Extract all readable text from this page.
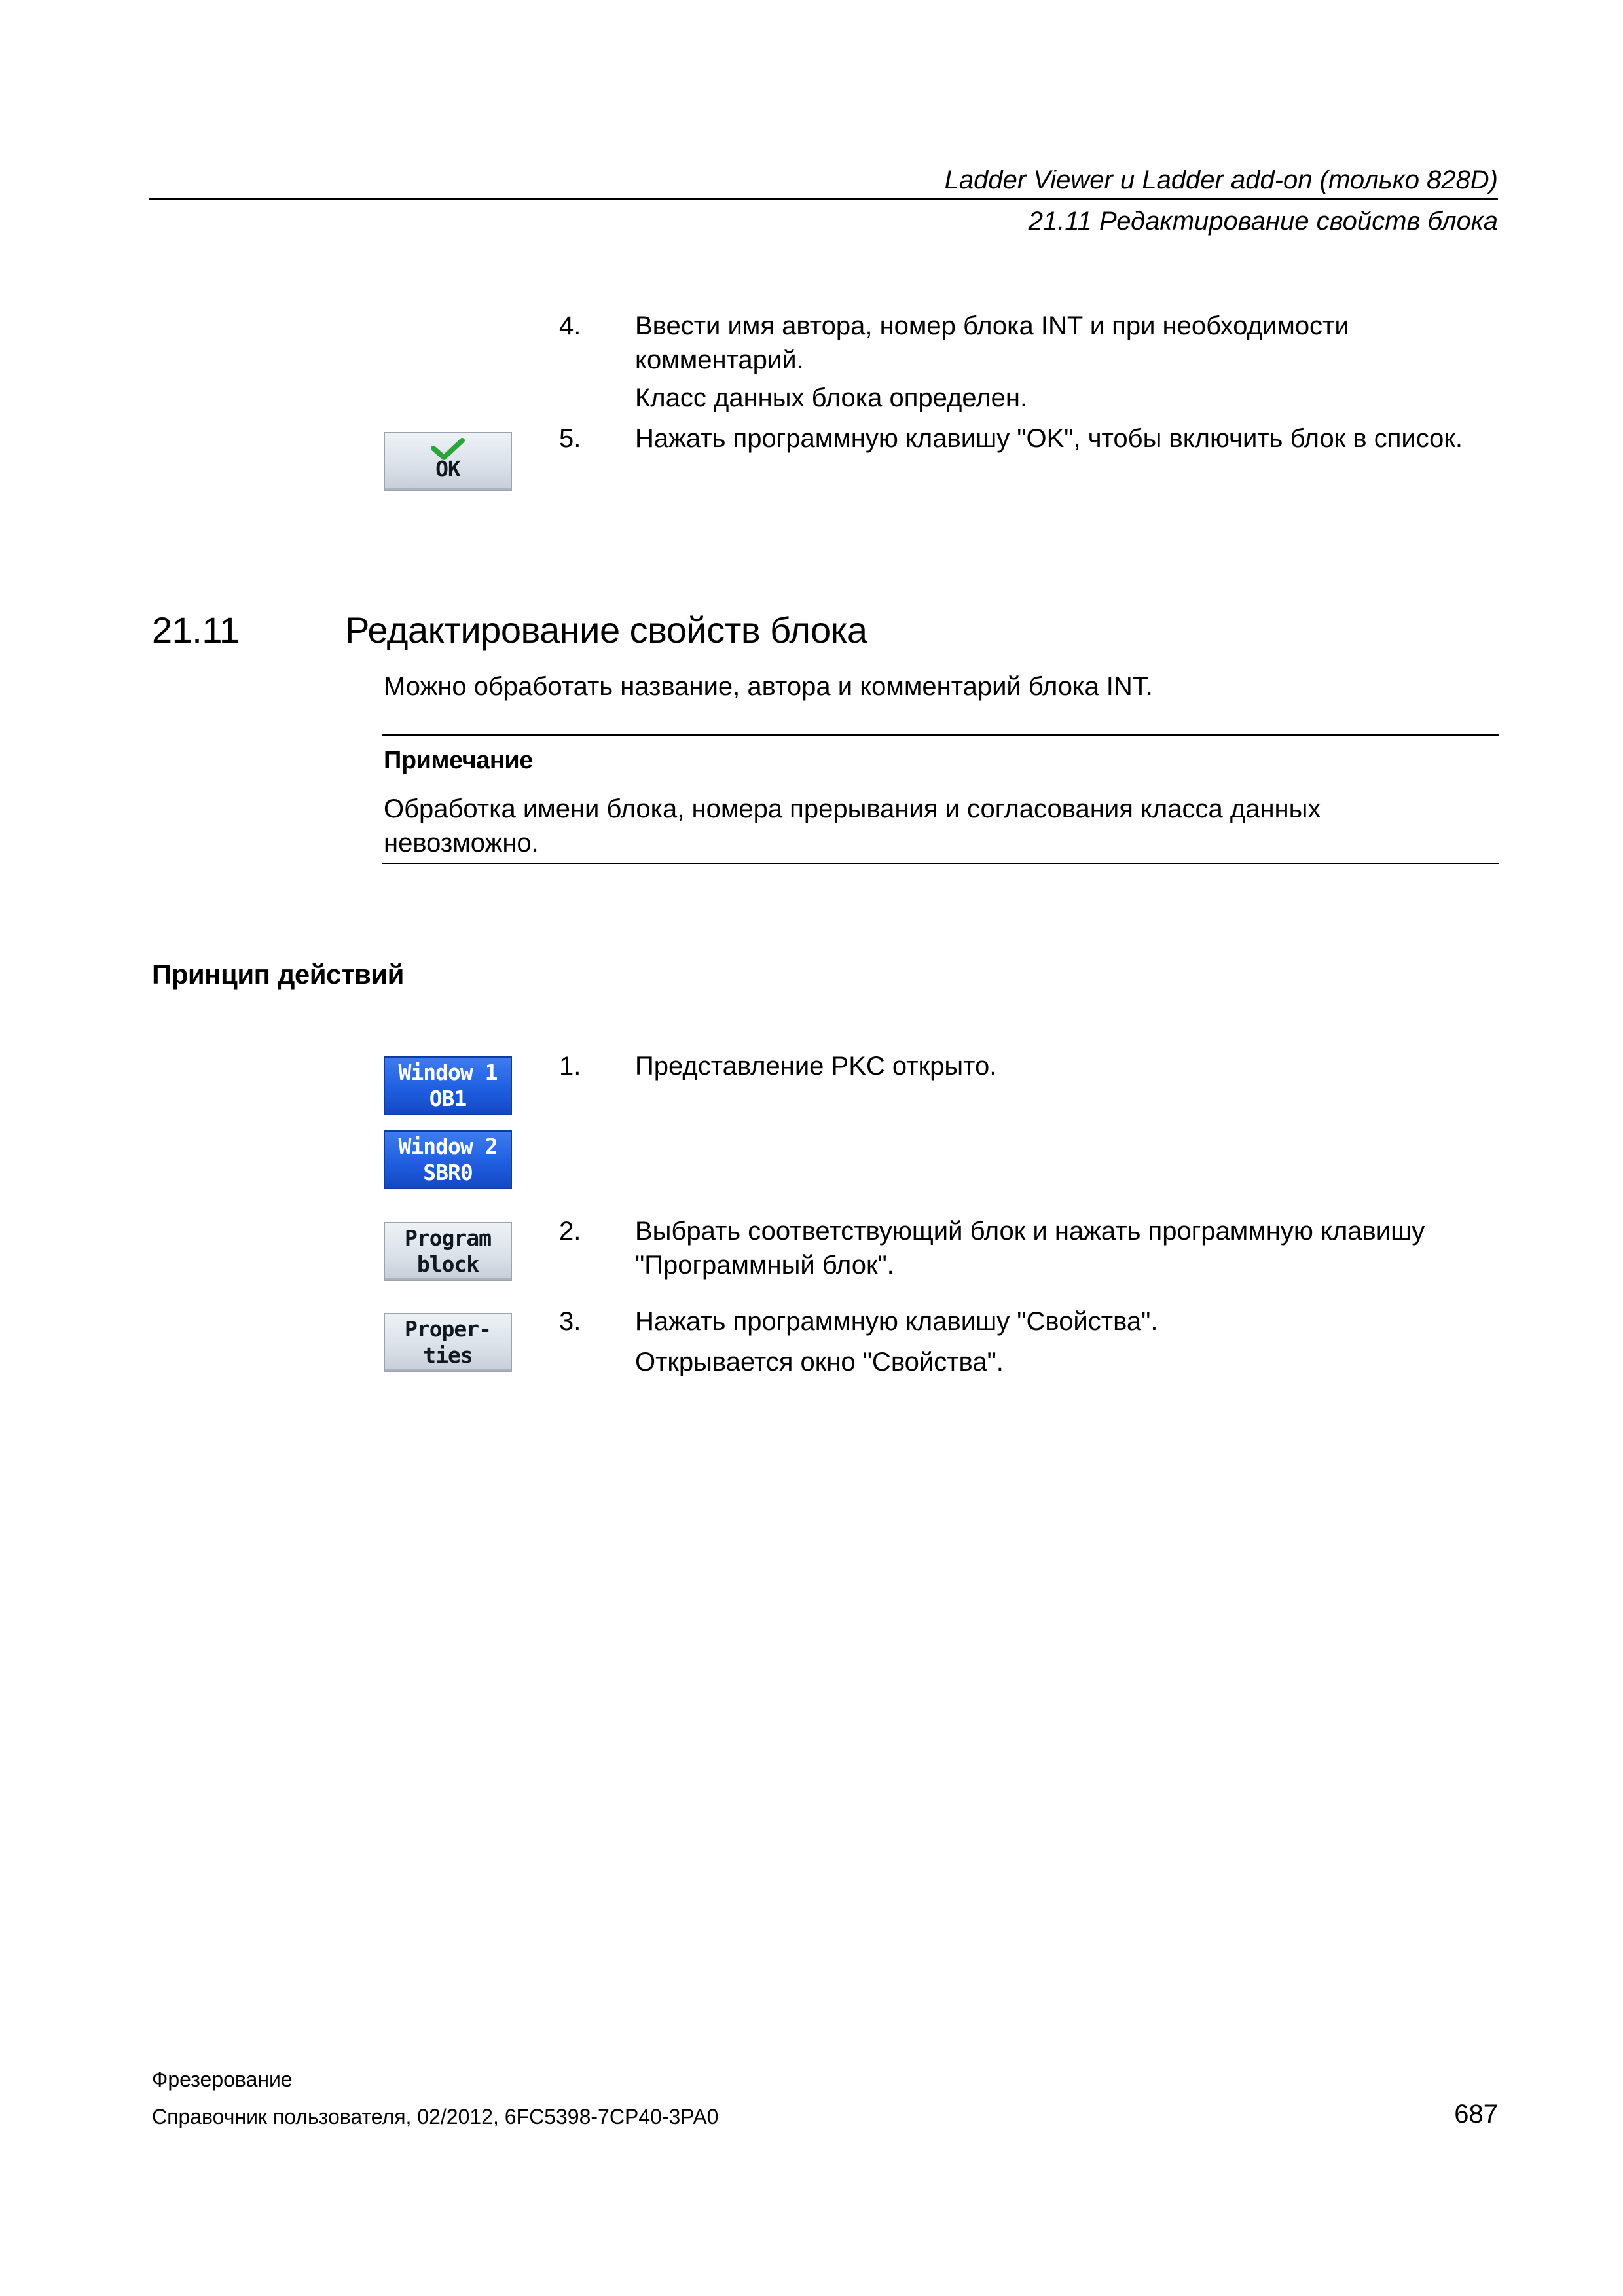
Ladder Viewer и Ladder add-on (только 828D)
21.11 Редактирование свойств блока
4.	Ввести имя автора, номер блока INT и при необходимости комментарий.
Класс данных блока определен.
OK
5.	Нажать программную клавишу "OK", чтобы включить блок в список.
21.11	Редактирование свойств блока
Можно обработать название, автора и комментарий блока INT.
Примечание
Обработка имени блока, номера прерывания и согласования класса данных невозможно.
Принцип действий
Window 1
OB1
Window 2
SBR0
1.	Представление PKC открыто.
Program
block
2.	Выбрать соответствующий блок и нажать программную клавишу "Программный блок".
Proper-
ties
3.	Нажать программную клавишу "Свойства".
Открывается окно "Свойства".
Фрезерование
Справочник пользователя, 02/2012, 6FC5398-7CP40-3PA0	687
